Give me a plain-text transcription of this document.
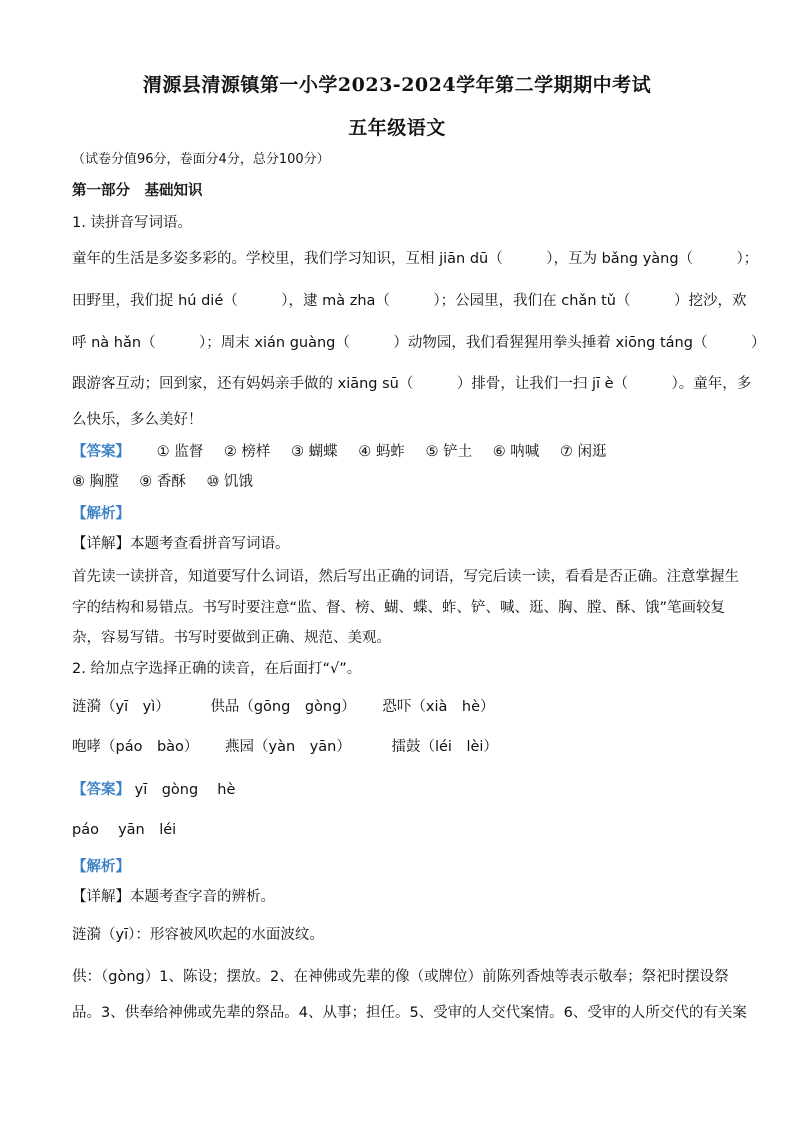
渭源县清源镇第一小学2023-2024学年第二学期期中考试
五年级语文
（试卷分值96分，卷面分4分，总分100分）
第一部分　基础知识
1. 读拼音写词语。
童年的生活是多姿多彩的。学校里，我们学习知识，互相 jiān dū（　　　），互为 bǎng yàng（　　　）；
田野里，我们捉 hú dié（　　　），逮 mà zha（　　　）；公园里，我们在 chǎn tǔ（　　　）挖沙，欢
呼 nà hǎn（　　　）；周末 xián guàng（　　　）动物园，我们看猩猩用拳头捶着 xiōng táng（　　　）
跟游客互动；回到家，还有妈妈亲手做的 xiāng sū（　　　）排骨，让我们一扫 jī è（　　　）。童年，多
么快乐，多么美好！
【答案】 ① 监督 ② 榜样 ③ 蝴蝶 ④ 蚂蚱 ⑤ 铲土 ⑥ 呐喊 ⑦ 闲逛
⑧ 胸膛 ⑨ 香酥 ⑩ 饥饿
【解析】
【详解】本题考查看拼音写词语。
首先读一读拼音，知道要写什么词语，然后写出正确的词语，写完后读一读，看看是否正确。注意掌握生
字的结构和易错点。书写时要注意“监、督、榜、蝴、蝶、蚱、铲、喊、逛、胸、膛、酥、饿”笔画较复
杂，容易写错。书写时要做到正确、规范、美观。
2. 给加点字选择正确的读音，在后面打“√”。
涟漪（yī　yì）	供品（gōng　gòng） 恐吓（xià　hè）
咆哮（páo　bào） 燕园（yàn　yān）	擂鼓（léi　lèi）
【答案】 yī　gòng　 hè
páo　 yān　léi
【解析】
【详解】本题考查字音的辨析。
涟漪（yī）：形容被风吹起的水面波纹。
供：（gòng）1、陈设；摆放。2、在神佛或先辈的像（或牌位）前陈列香烛等表示敬奉；祭祀时摆设祭
品。3、供奉给神佛或先辈的祭品。4、从事；担任。5、受审的人交代案情。6、受审的人所交代的有关案
